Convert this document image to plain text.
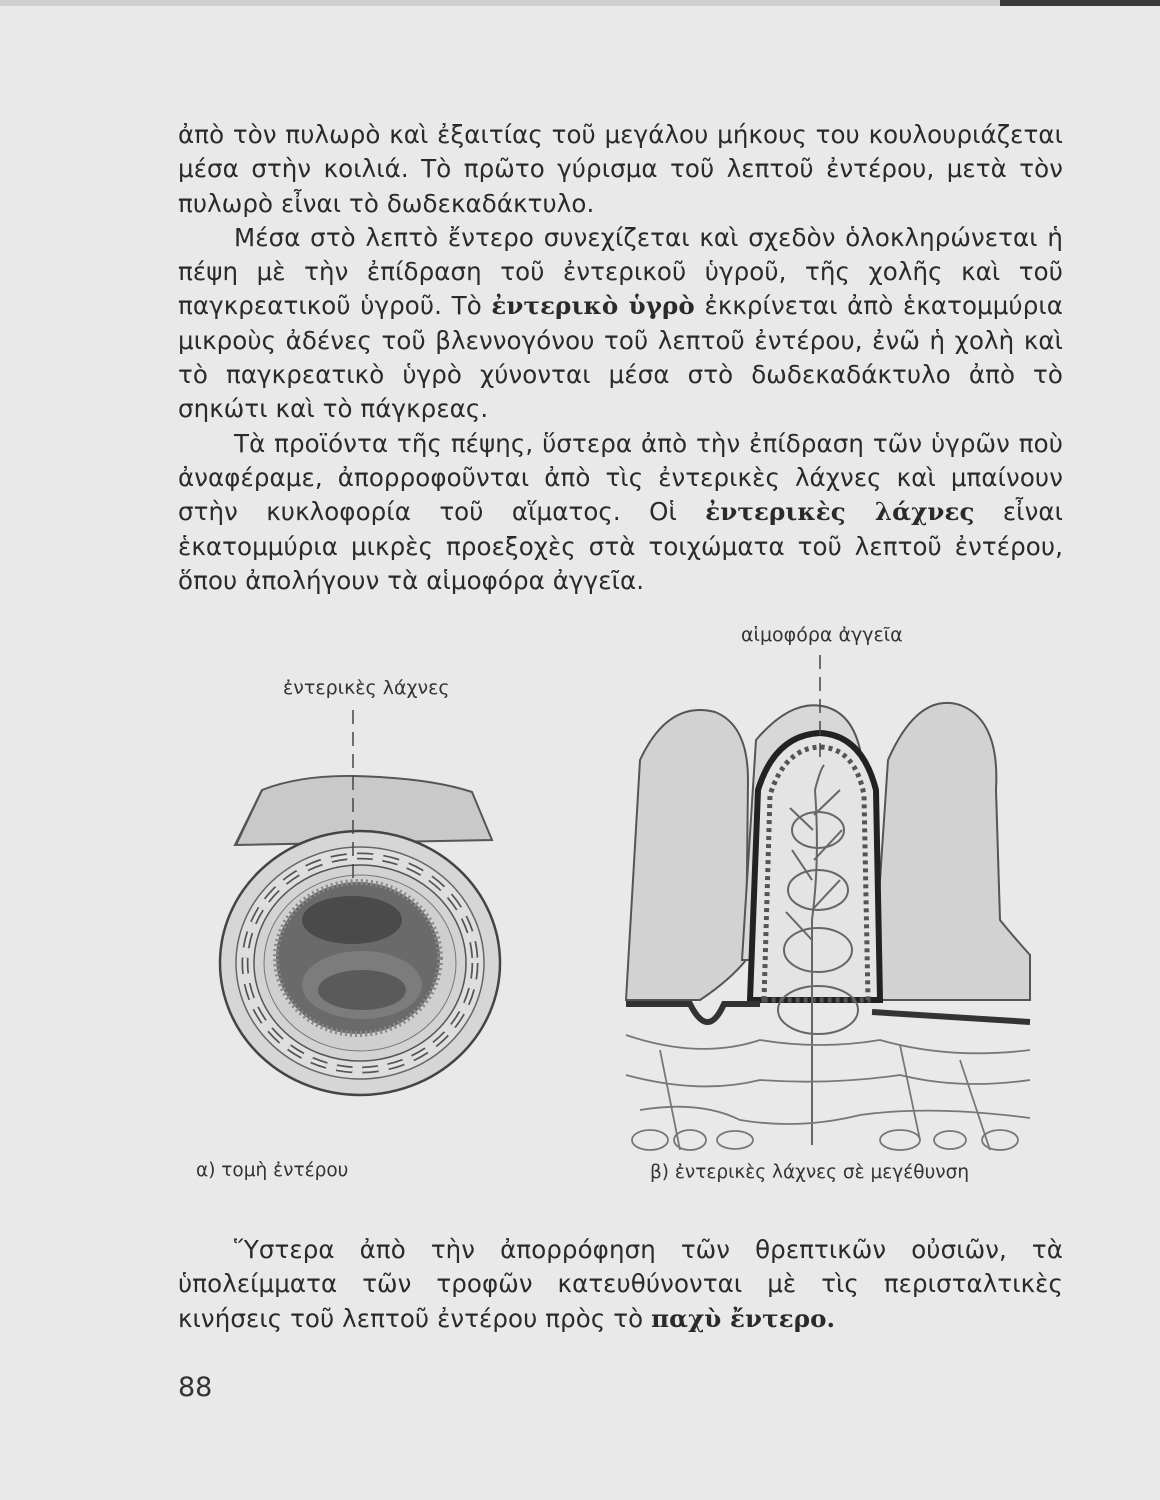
ἀπὸ τὸν πυλωρὸ καὶ ἐξαιτίας τοῦ μεγάλου μήκους του κουλουριάζεται μέσα στὴν κοιλιά. Τὸ πρῶτο γύρισμα τοῦ λεπτοῦ ἐντέρου, μετὰ τὸν πυλωρὸ εἶναι τὸ δωδεκαδάκτυλο.

Μέσα στὸ λεπτὸ ἔντερο συνεχίζεται καὶ σχεδὸν ὁλοκληρώνεται ἡ πέψη μὲ τὴν ἐπίδραση τοῦ ἐντερικοῦ ὑγροῦ, τῆς χολῆς καὶ τοῦ παγκρεατικοῦ ὑγροῦ. Τὸ ἐντερικὸ ὑγρὸ ἐκκρίνεται ἀπὸ ἑκατομμύρια μικροὺς ἀδένες τοῦ βλεννογόνου τοῦ λεπτοῦ ἐντέρου, ἐνῶ ἡ χολὴ καὶ τὸ παγκρεατικὸ ὑγρὸ χύνονται μέσα στὸ δωδεκαδάκτυλο ἀπὸ τὸ σηκώτι καὶ τὸ πάγκρεας.

Τὰ προϊόντα τῆς πέψης, ὕστερα ἀπὸ τὴν ἐπίδραση τῶν ὑγρῶν ποὺ ἀναφέραμε, ἀπορροφοῦνται ἀπὸ τὶς ἐντερικὲς λάχνες καὶ μπαίνουν στὴν κυκλοφορία τοῦ αἵματος. Οἱ ἐντερικὲς λάχνες εἶναι ἑκατομμύρια μικρὲς προεξοχὲς στὰ τοιχώματα τοῦ λεπτοῦ ἐντέρου, ὅπου ἀπολήγουν τὰ αἱμοφόρα ἀγγεῖα.

ἐντερικὲς λάχνες
αἱμοφόρα ἀγγεῖα
α) τομὴ ἐντέρου	β) ἐντερικὲς λάχνες σὲ μεγέθυνση

Ὕστερα ἀπὸ τὴν ἀπορρόφηση τῶν θρεπτικῶν οὐσιῶν, τὰ ὑπολείμματα τῶν τροφῶν κατευθύνονται μὲ τὶς περισταλτικὲς κινήσεις τοῦ λεπτοῦ ἐντέρου πρὸς τὸ παχὺ ἔντερο.

88
